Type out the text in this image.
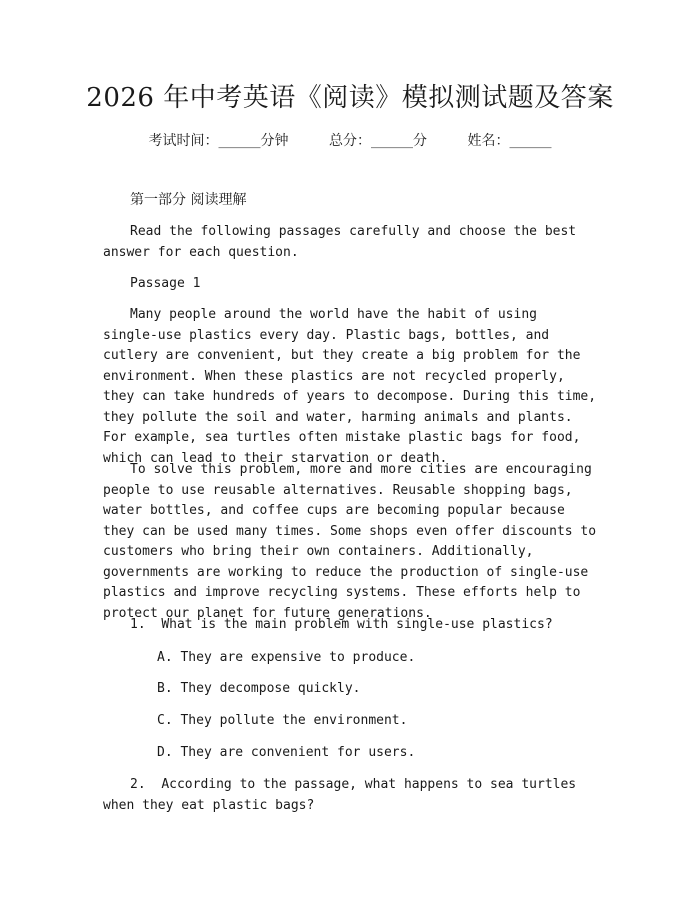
2026 年中考英语《阅读》模拟测试题及答案
考试时间：______分钟	总分：______分	姓名：______

第一部分 阅读理解

Read the following passages carefully and choose the best answer for each question.

Passage 1

Many people around the world have the habit of using single-use plastics every day. Plastic bags, bottles, and cutlery are convenient, but they create a big problem for the environment. When these plastics are not recycled properly, they can take hundreds of years to decompose. During this time, they pollute the soil and water, harming animals and plants. For example, sea turtles often mistake plastic bags for food, which can lead to their starvation or death.

To solve this problem, more and more cities are encouraging people to use reusable alternatives. Reusable shopping bags, water bottles, and coffee cups are becoming popular because they can be used many times. Some shops even offer discounts to customers who bring their own containers. Additionally, governments are working to reduce the production of single-use plastics and improve recycling systems. These efforts help to protect our planet for future generations.

1. What is the main problem with single-use plastics?

A. They are expensive to produce.

B. They decompose quickly.

C. They pollute the environment.

D. They are convenient for users.

2. According to the passage, what happens to sea turtles when they eat plastic bags?
